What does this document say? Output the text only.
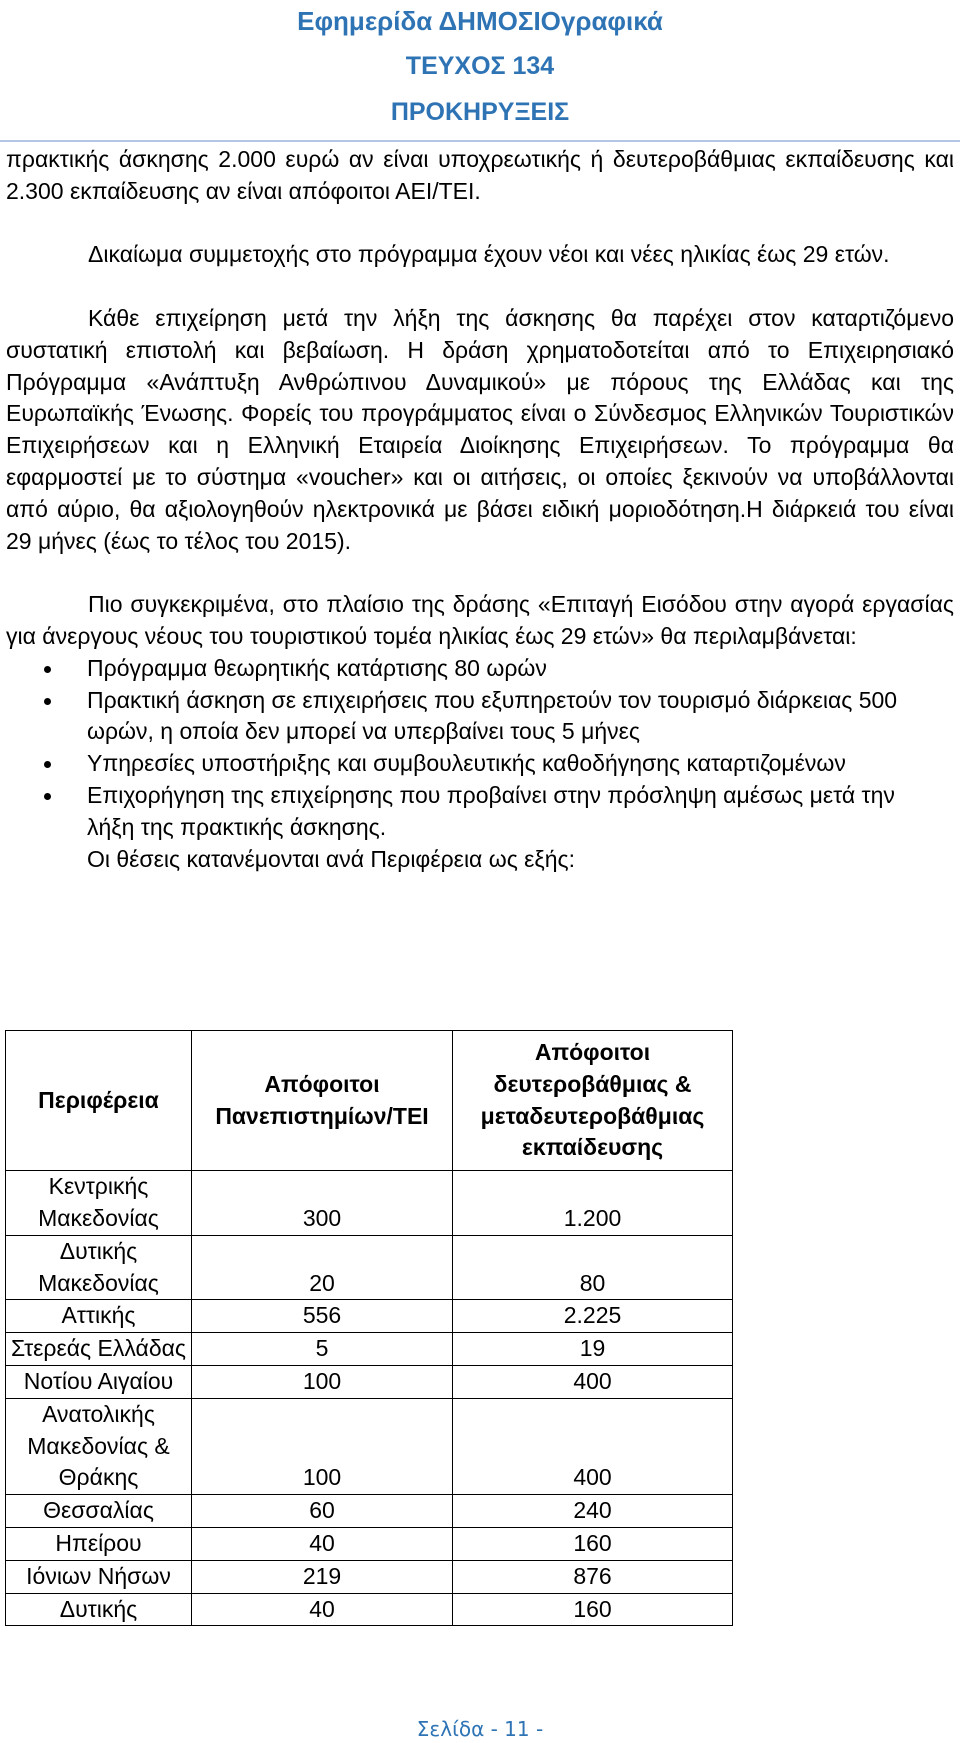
Εφημερίδα ΔΗΜΟΣΙΟγραφικά
ΤΕΥΧΟΣ 134
ΠΡΟΚΗΡΥΞΕΙΣ

πρακτικής άσκησης 2.000 ευρώ αν είναι υποχρεωτικής ή δευτεροβάθμιας εκπαίδευσης και 2.300 εκπαίδευσης αν είναι απόφοιτοι ΑΕΙ/ΤΕΙ.

Δικαίωμα συμμετοχής στο πρόγραμμα έχουν νέοι και νέες ηλικίας έως 29 ετών.

Κάθε επιχείρηση μετά την λήξη της άσκησης θα παρέχει στον καταρτιζόμενο συστατική επιστολή και βεβαίωση. Η δράση χρηματοδοτείται από το Επιχειρησιακό Πρόγραμμα «Ανάπτυξη Ανθρώπινου Δυναμικού» με πόρους της Ελλάδας και της Ευρωπαϊκής Ένωσης. Φορείς του προγράμματος είναι ο Σύνδεσμος Ελληνικών Τουριστικών Επιχειρήσεων και η Ελληνική Εταιρεία Διοίκησης Επιχειρήσεων. Το πρόγραμμα θα εφαρμοστεί με το σύστημα «voucher» και οι αιτήσεις, οι οποίες ξεκινούν να υποβάλλονται από αύριο, θα αξιολογηθούν ηλεκτρονικά με βάσει ειδική μοριοδότηση.Η διάρκειά του είναι 29 μήνες (έως το τέλος του 2015).

Πιο συγκεκριμένα, στο πλαίσιο της δράσης «Επιταγή Εισόδου στην αγορά εργασίας για άνεργους νέους του τουριστικού τομέα ηλικίας έως 29 ετών» θα περιλαμβάνεται:

Πρόγραμμα θεωρητικής κατάρτισης 80 ωρών
Πρακτική άσκηση σε επιχειρήσεις που εξυπηρετούν τον τουρισμό διάρκειας 500 ωρών, η οποία δεν μπορεί να υπερβαίνει τους 5 μήνες
Υπηρεσίες υποστήριξης και συμβουλευτικής καθοδήγησης καταρτιζομένων
Επιχορήγηση της επιχείρησης που προβαίνει στην πρόσληψη αμέσως μετά την λήξη της πρακτικής άσκησης.
Οι θέσεις κατανέμονται ανά Περιφέρεια ως εξής:
Περιφέρεια	Απόφοιτοι Πανεπιστημίων/ΤΕΙ	Απόφοιτοι δευτεροβάθμιας & μεταδευτεροβάθμιας εκπαίδευσης
Κεντρικής Μακεδονίας	300	1.200
Δυτικής Μακεδονίας	20	80
Αττικής	556	2.225
Στερεάς Ελλάδας	5	19
Νοτίου Αιγαίου	100	400
Ανατολικής Μακεδονίας & Θράκης	100	400
Θεσσαλίας	60	240
Ηπείρου	40	160
Ιόνιων Νήσων	219	876
Δυτικής	40	160
Σελίδα - 11 -
